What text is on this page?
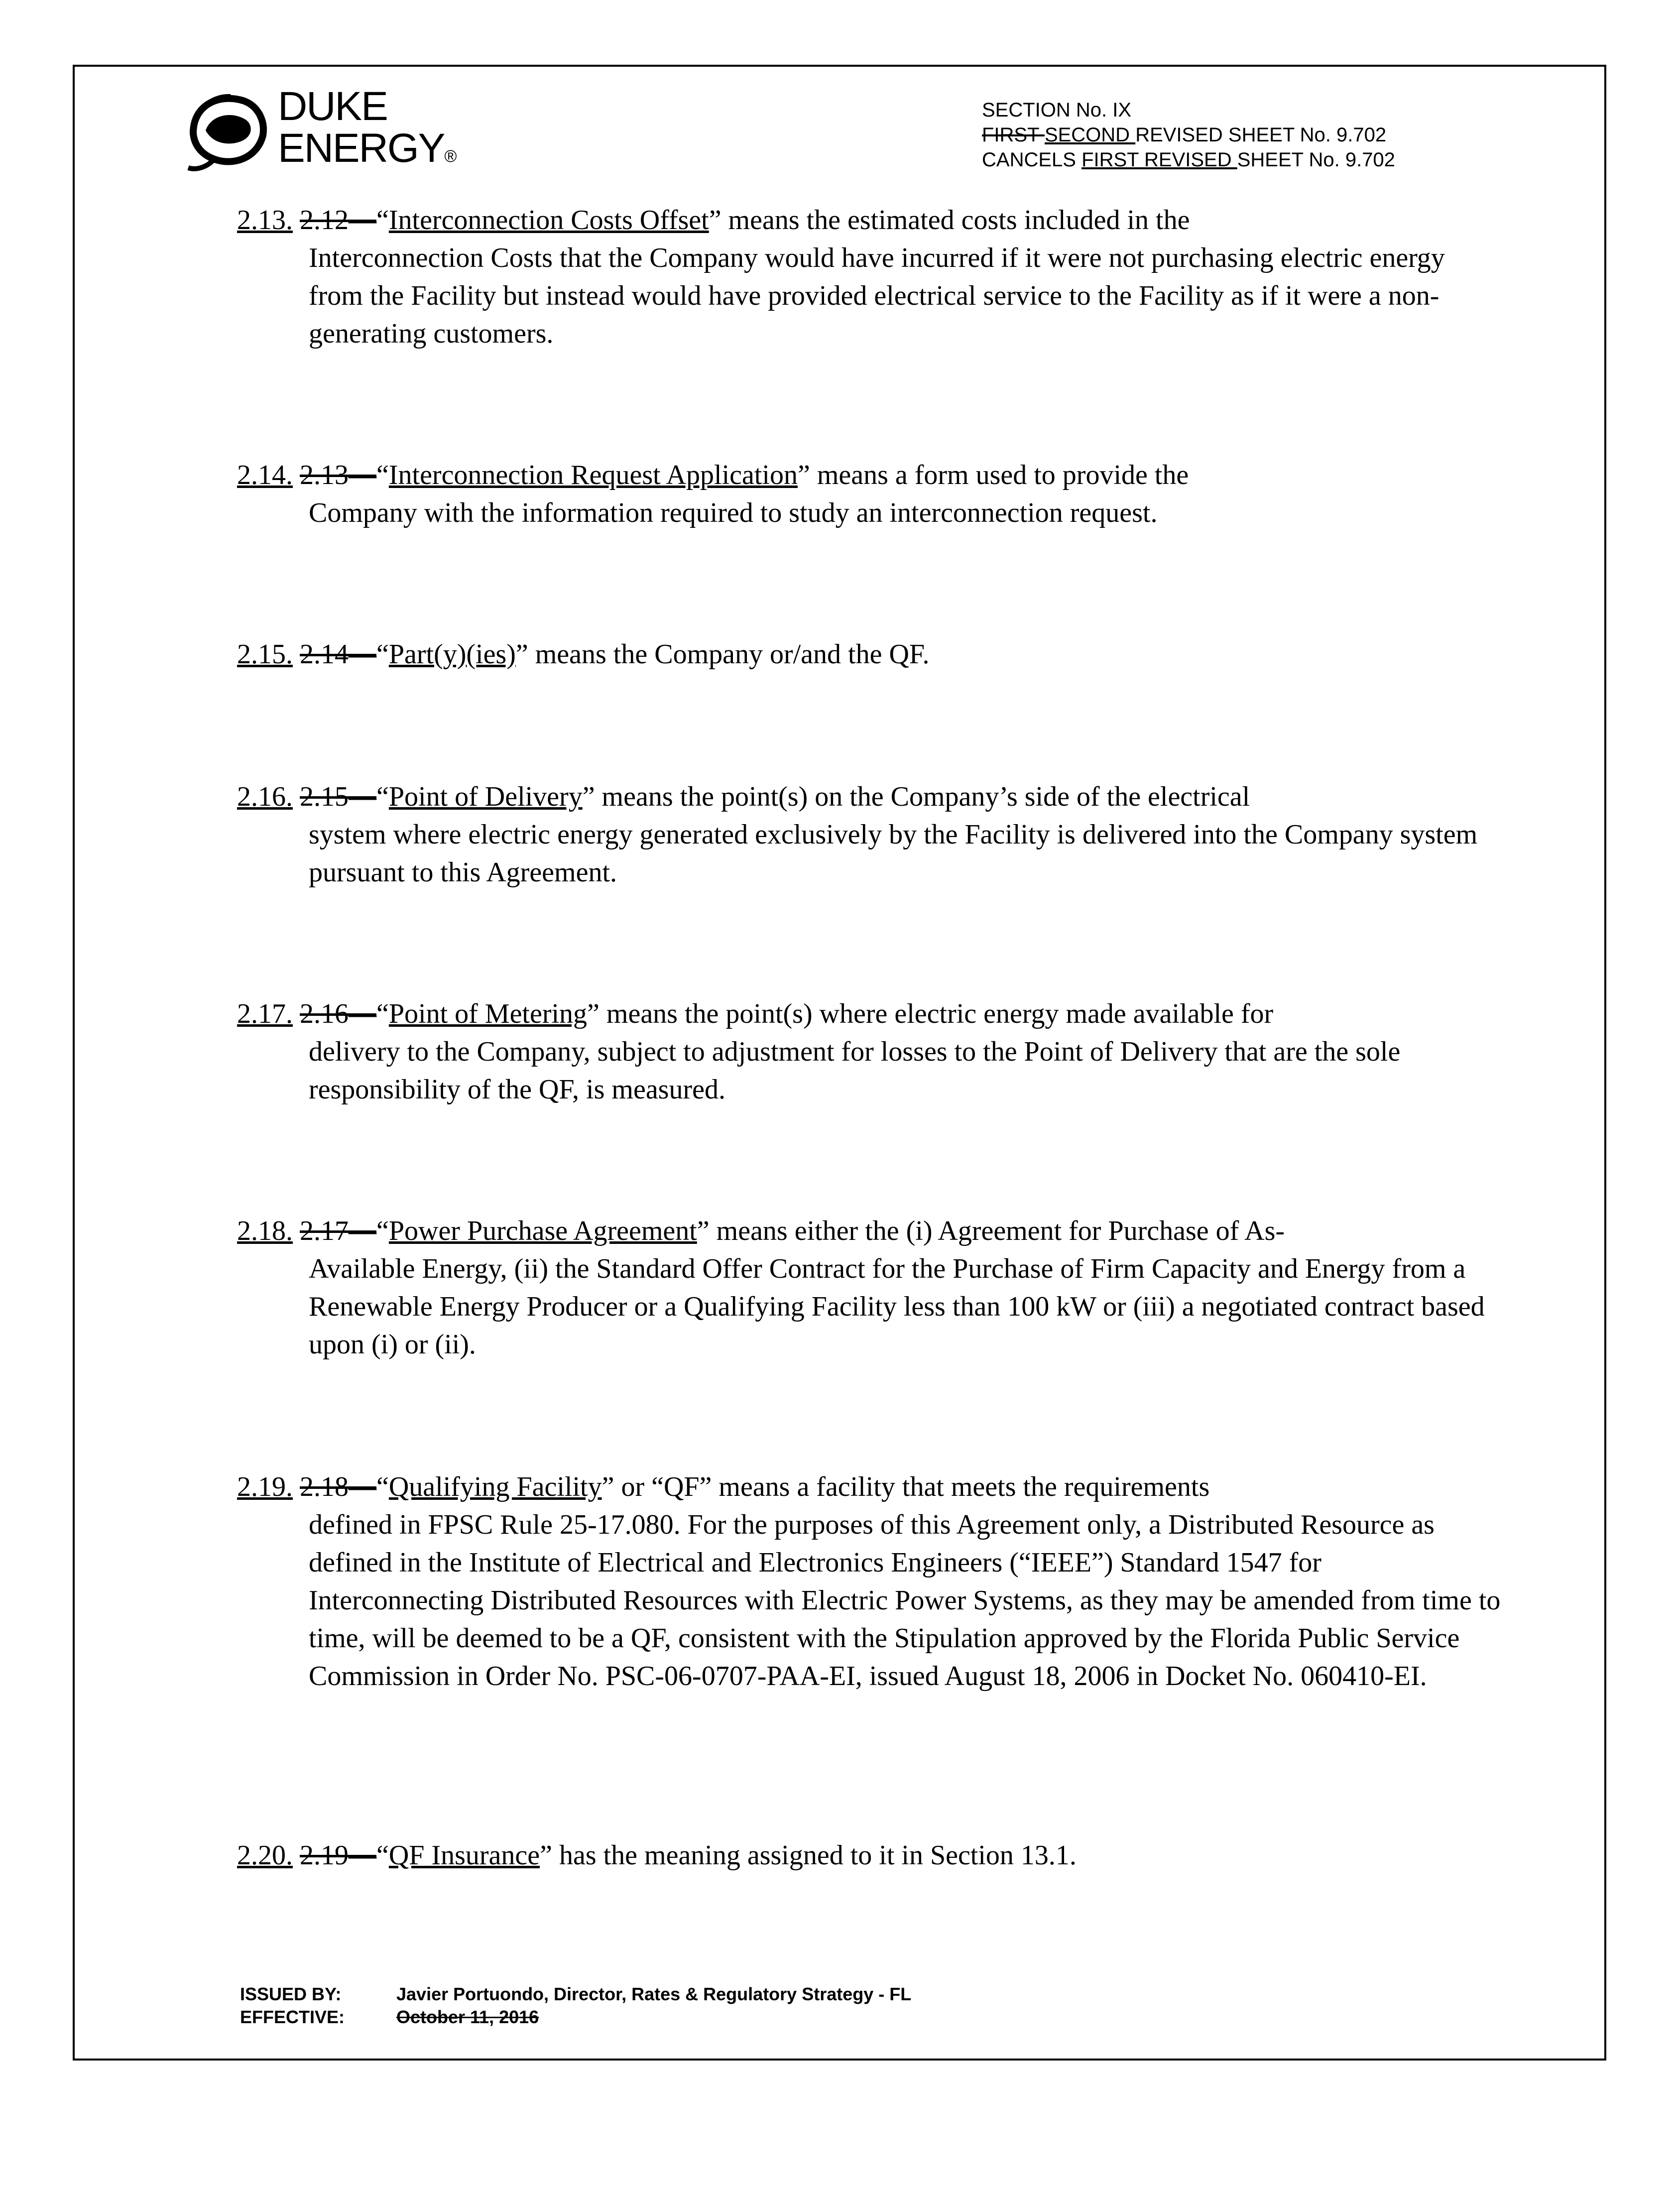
DUKE
ENERGY®
SECTION No. IX
FIRST SECOND REVISED SHEET No. 9.702
CANCELS FIRST REVISED SHEET No. 9.702
2.13. 2.12—“Interconnection Costs Offset” means the estimated costs included in the
Interconnection Costs that the Company would have incurred if it were not purchasing electric energy from the Facility but instead would have provided electrical service to the Facility as if it were a non-generating customers.
2.14. 2.13—“Interconnection Request Application” means a form used to provide the
Company with the information required to study an interconnection request.
2.15. 2.14—“Part(y)(ies)” means the Company or/and the QF.
2.16. 2.15—“Point of Delivery” means the point(s) on the Company’s side of the electrical
system where electric energy generated exclusively by the Facility is delivered into the Company system pursuant to this Agreement.
2.17. 2.16—“Point of Metering” means the point(s) where electric energy made available for
delivery to the Company, subject to adjustment for losses to the Point of Delivery that are the sole responsibility of the QF, is measured.
2.18. 2.17—“Power Purchase Agreement” means either the (i) Agreement for Purchase of As-
Available Energy, (ii) the Standard Offer Contract for the Purchase of Firm Capacity and Energy from a Renewable Energy Producer or a Qualifying Facility less than 100 kW or (iii) a negotiated contract based upon (i) or (ii).
2.19. 2.18—“Qualifying Facility” or “QF” means a facility that meets the requirements
defined in FPSC Rule 25-17.080. For the purposes of this Agreement only, a Distributed Resource as defined in the Institute of Electrical and Electronics Engineers (“IEEE”) Standard 1547 for Interconnecting Distributed Resources with Electric Power Systems, as they may be amended from time to time, will be deemed to be a QF, consistent with the Stipulation approved by the Florida Public Service Commission in Order No. PSC-06-0707-PAA-EI, issued August 18, 2006 in Docket No. 060410-EI.
2.20. 2.19—“QF Insurance” has the meaning assigned to it in Section 13.1.
ISSUED BY:	Javier Portuondo, Director, Rates & Regulatory Strategy - FL
EFFECTIVE:	October 11, 2016
